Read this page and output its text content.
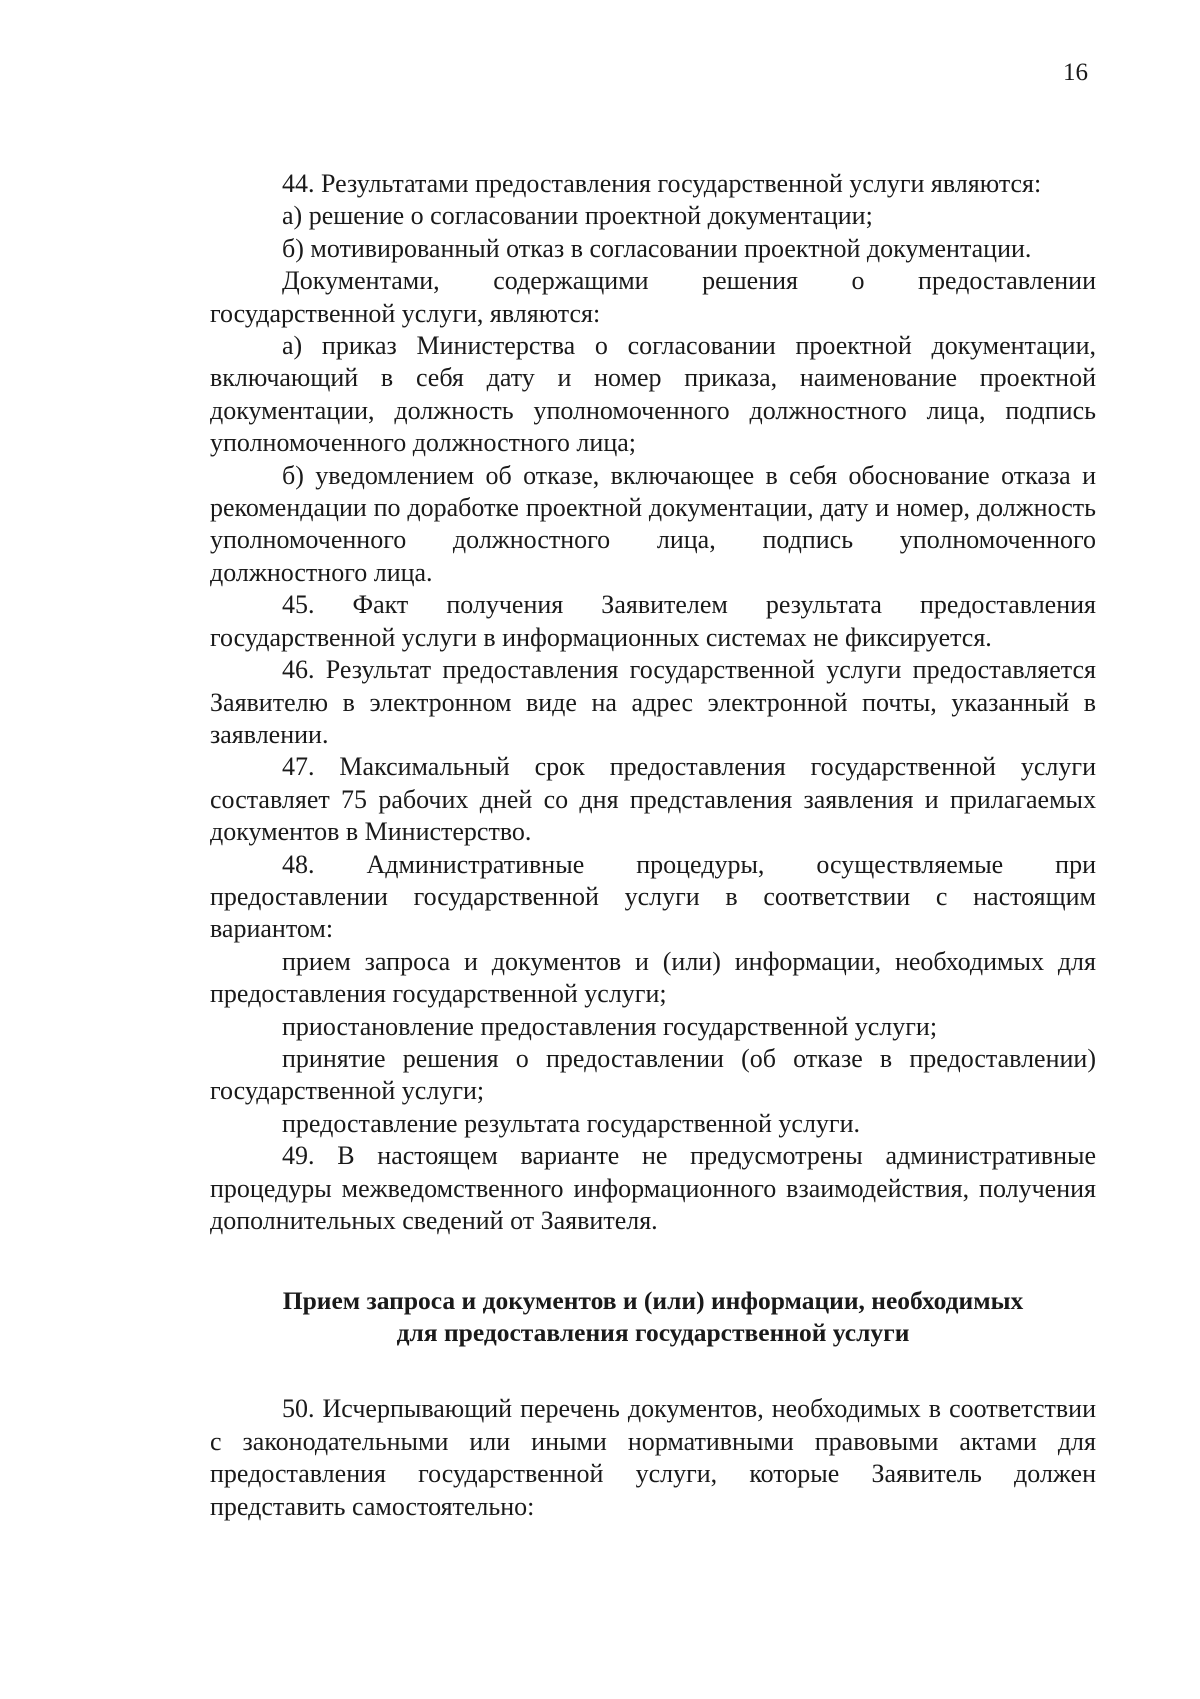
16

44. Результатами предоставления государственной услуги являются:

а) решение о согласовании проектной документации;

б) мотивированный отказ в согласовании проектной документации.

Документами, содержащими решения о предоставлении государственной услуги, являются:

а) приказ Министерства о согласовании проектной документации, включающий в себя дату и номер приказа, наименование проектной документации, должность уполномоченного должностного лица, подпись уполномоченного должностного лица;

б) уведомлением об отказе, включающее в себя обоснование отказа и рекомендации по доработке проектной документации, дату и номер, должность уполномоченного должностного лица, подпись уполномоченного должностного лица.

45. Факт получения Заявителем результата предоставления государственной услуги в информационных системах не фиксируется.

46. Результат предоставления государственной услуги предоставляется Заявителю в электронном виде на адрес электронной почты, указанный в заявлении.

47. Максимальный срок предоставления государственной услуги составляет 75 рабочих дней со дня представления заявления и прилагаемых документов в Министерство.

48. Административные процедуры, осуществляемые при предоставлении государственной услуги в соответствии с настоящим вариантом:

прием запроса и документов и (или) информации, необходимых для предоставления государственной услуги;

приостановление предоставления государственной услуги;

принятие решения о предоставлении (об отказе в предоставлении) государственной услуги;

предоставление результата государственной услуги.

49. В настоящем варианте не предусмотрены административные процедуры межведомственного информационного взаимодействия, получения дополнительных сведений от Заявителя.

Прием запроса и документов и (или) информации, необходимых
для предоставления государственной услуги

50. Исчерпывающий перечень документов, необходимых в соответствии с законодательными или иными нормативными правовыми актами для предоставления государственной услуги, которые Заявитель должен представить самостоятельно:
